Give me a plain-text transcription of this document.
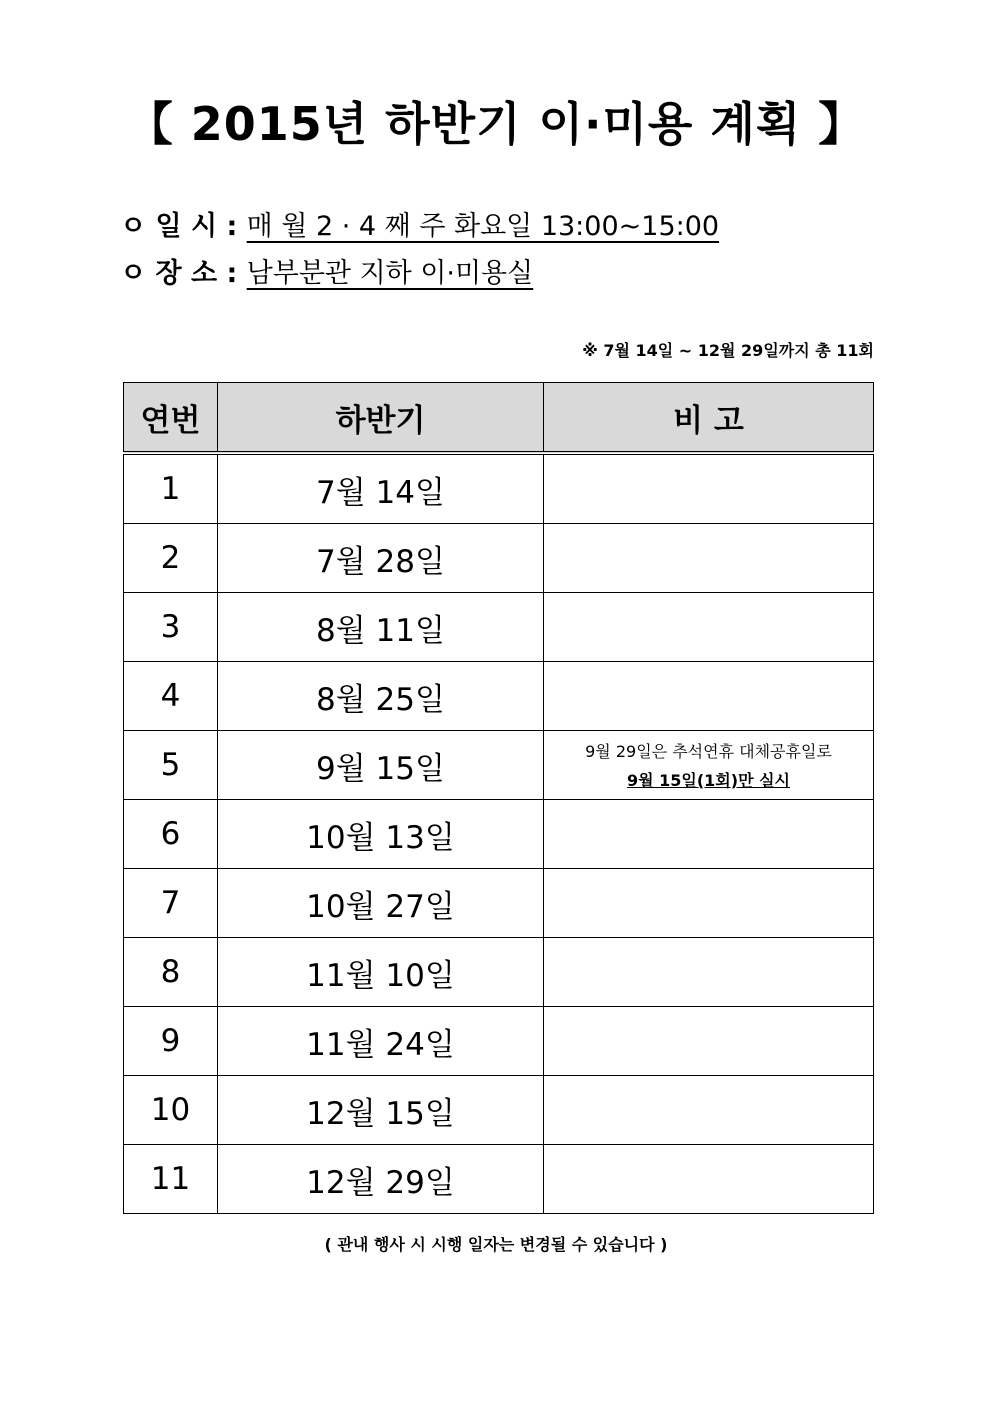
【 2015년 하반기 이·미용 계획 】
ㅇ 일 시 : 매 월 2 · 4 째 주 화요일 13:00~15:00
ㅇ 장 소 : 남부분관 지하 이·미용실
※ 7월 14일 ~ 12월 29일까지 총 11회
연번	하반기	비 고
1	7월 14일	
2	7월 28일	
3	8월 11일	
4	8월 25일	
5	9월 15일	9월 29일은 추석연휴 대체공휴일로
9월 15일(1회)만 실시

6	10월 13일	
7	10월 27일	
8	11월 10일	
9	11월 24일	
10	12월 15일	
11	12월 29일	
( 관내 행사 시 시행 일자는 변경될 수 있습니다 )
